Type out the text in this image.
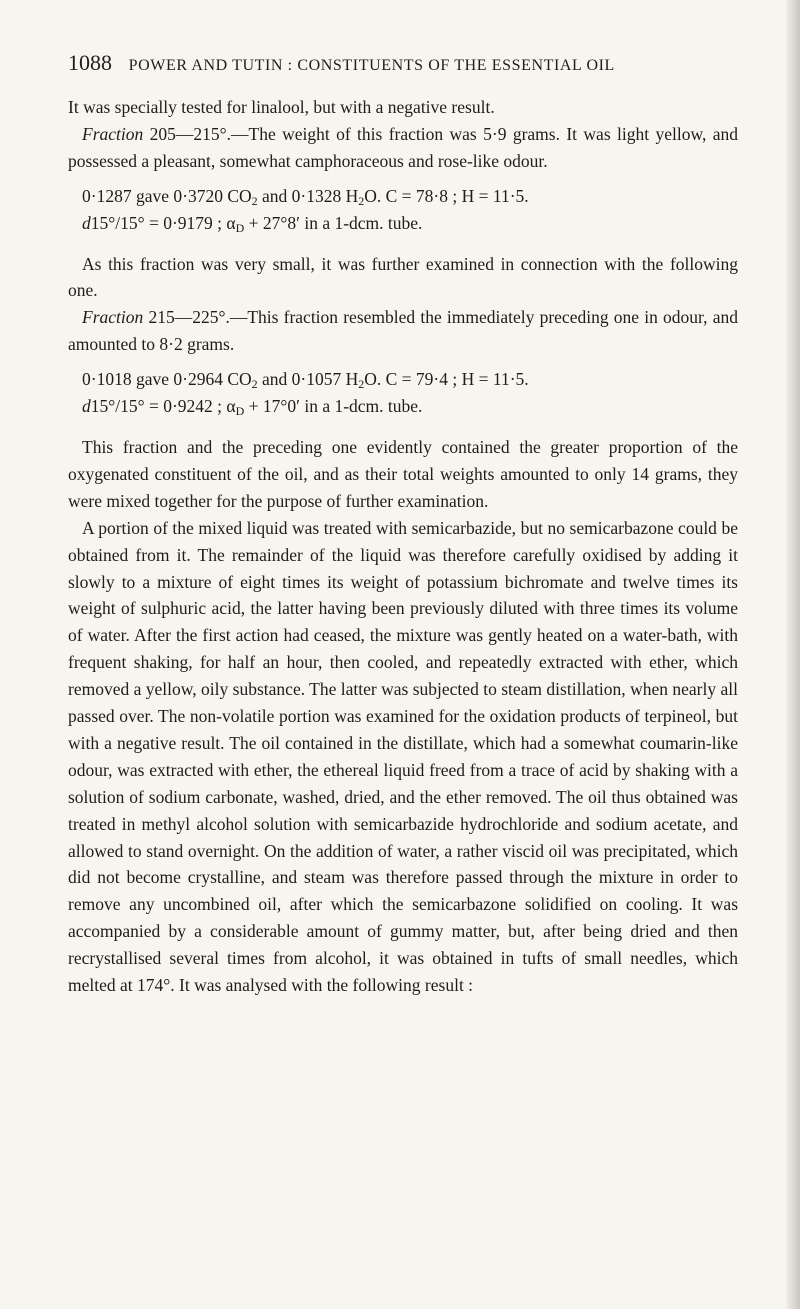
1088 POWER AND TUTIN : CONSTITUENTS OF THE ESSENTIAL OIL

It was specially tested for linalool, but with a negative result.

Fraction 205—215°.—The weight of this fraction was 5·9 grams. It was light yellow, and possessed a pleasant, somewhat camphoraceous and rose-like odour.

0·1287 gave 0·3720 $CO_2$ and 0·1328 $H_2O$. C = 78·8 ; H = 11·5.
d15°/15° = 0·9179 ; $\alpha_D + 27^\circ 8'$ in a 1-dcm. tube.

As this fraction was very small, it was further examined in connection with the following one.

Fraction 215—225°.—This fraction resembled the immediately preceding one in odour, and amounted to 8·2 grams.

0·1018 gave 0·2964 $CO_2$ and 0·1057 $H_2O$. C = 79·4 ; H = 11·5.
d15°/15° = 0·9242 ; $\alpha_D + 17^\circ 0'$ in a 1-dcm. tube.

This fraction and the preceding one evidently contained the greater proportion of the oxygenated constituent of the oil, and as their total weights amounted to only 14 grams, they were mixed together for the purpose of further examination.

A portion of the mixed liquid was treated with semicarbazide, but no semicarbazone could be obtained from it. The remainder of the liquid was therefore carefully oxidised by adding it slowly to a mixture of eight times its weight of potassium bichromate and twelve times its weight of sulphuric acid, the latter having been previously diluted with three times its volume of water. After the first action had ceased, the mixture was gently heated on a water-bath, with frequent shaking, for half an hour, then cooled, and repeatedly extracted with ether, which removed a yellow, oily substance. The latter was subjected to steam distillation, when nearly all passed over. The non-volatile portion was examined for the oxidation products of terpineol, but with a negative result. The oil contained in the distillate, which had a somewhat coumarin-like odour, was extracted with ether, the ethereal liquid freed from a trace of acid by shaking with a solution of sodium carbonate, washed, dried, and the ether removed. The oil thus obtained was treated in methyl alcohol solution with semicarbazide hydrochloride and sodium acetate, and allowed to stand overnight. On the addition of water, a rather viscid oil was precipitated, which did not become crystalline, and steam was therefore passed through the mixture in order to remove any uncombined oil, after which the semicarbazone solidified on cooling. It was accompanied by a considerable amount of gummy matter, but, after being dried and then recrystallised several times from alcohol, it was obtained in tufts of small needles, which melted at 174°. It was analysed with the following result :
